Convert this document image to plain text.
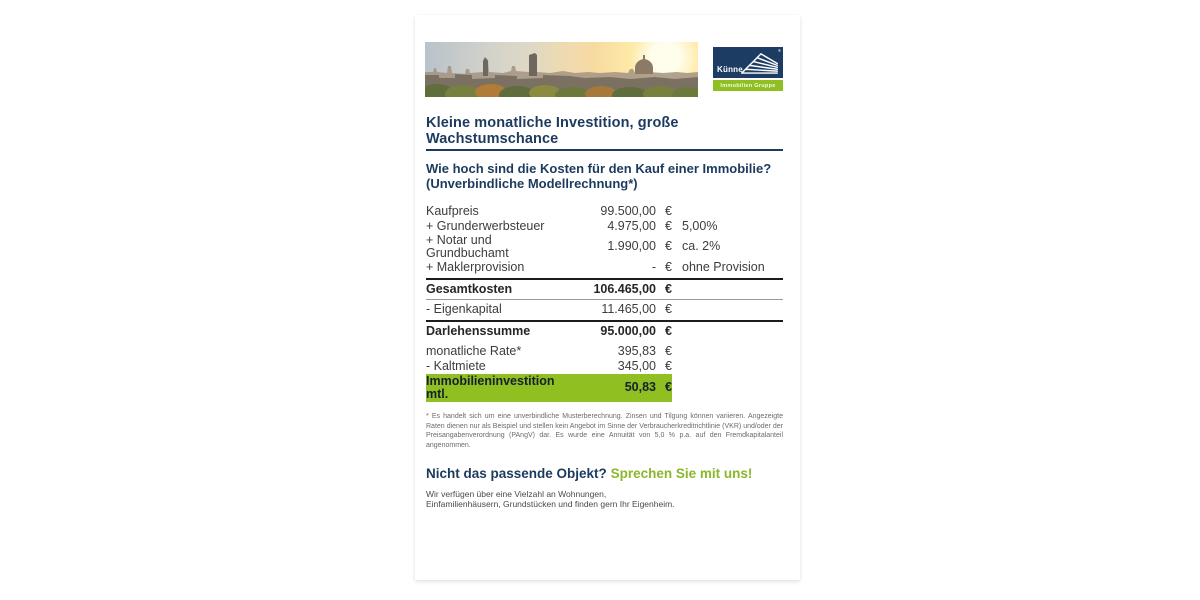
®
Künne
Immobilien Gruppe
Kleine monatliche Investition, große Wachstumschance
Wie hoch sind die Kosten für den Kauf einer Immobilie?
(Unverbindliche Modellrechnung*)
Kaufpreis	99.500,00 €
+ Grunderwerbsteuer	4.975,00 € 5,00%
+ Notar und Grundbuchamt	1.990,00 € ca. 2%
+ Maklerprovision	- € ohne Provision
Gesamtkosten	106.465,00 €
- Eigenkapital	11.465,00 €
Darlehenssumme	95.000,00 €
monatliche Rate*	395,83 €
- Kaltmiete	345,00 €
Immobilieninvestition mtl.	50,83 €
* Es handelt sich um eine unverbindliche Musterberechnung. Zinsen und Tilgung können variieren. Angezeigte Raten dienen nur als Beispiel und stellen kein Angebot im Sinne der Verbraucherkreditrichtlinie (VKR) und/oder der Preisangabenverordnung (PAngV) dar. Es wurde eine Annuität von 5,0 % p.a. auf den Fremdkapitalanteil angenommen.
Nicht das passende Objekt? Sprechen Sie mit uns!
Wir verfügen über eine Vielzahl an Wohnungen,
Einfamilienhäusern, Grundstücken und finden gern Ihr Eigenheim.
